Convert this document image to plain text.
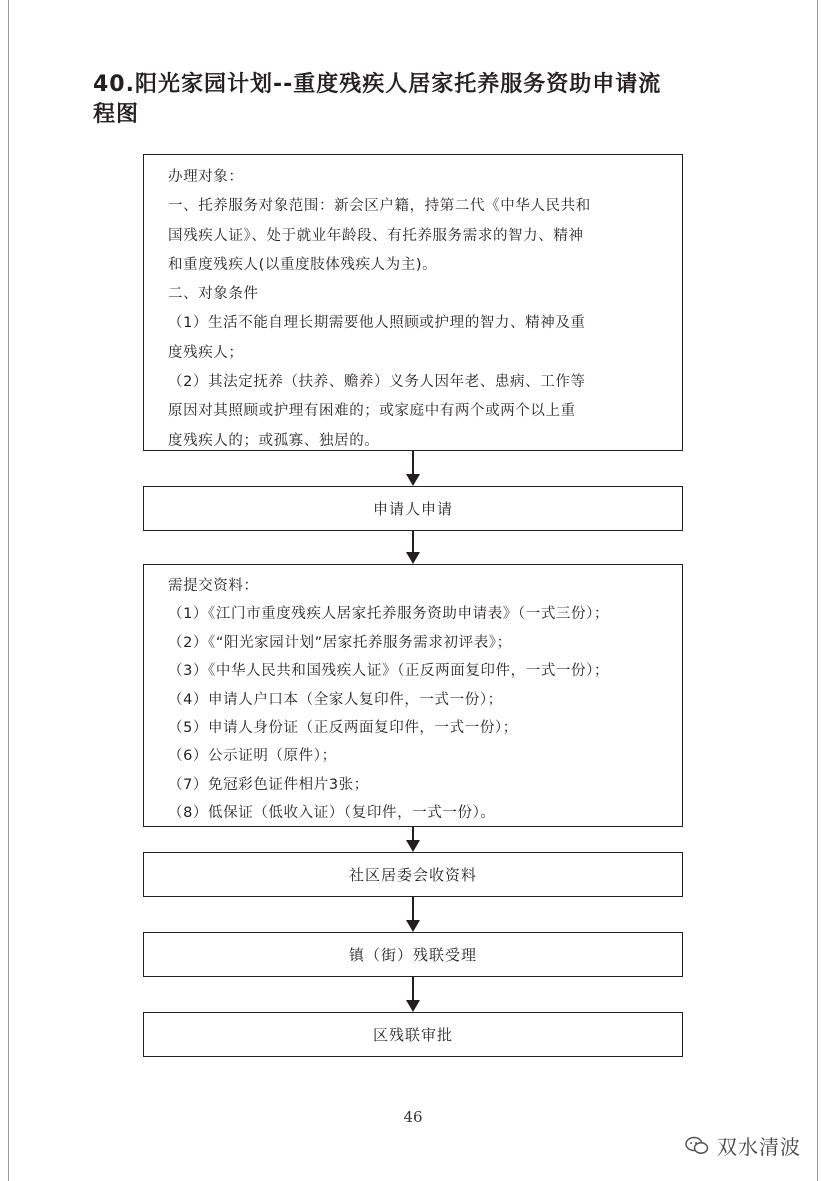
40.阳光家园计划--重度残疾人居家托养服务资助申请流
程图
办理对象：
一、托养服务对象范围：新会区户籍，持第二代《中华人民共和
国残疾人证》、处于就业年龄段、有托养服务需求的智力、精神
和重度残疾人(以重度肢体残疾人为主)。
二、对象条件
（1）生活不能自理长期需要他人照顾或护理的智力、精神及重
度残疾人；
（2）其法定抚养（扶养、赡养）义务人因年老、患病、工作等
原因对其照顾或护理有困难的；或家庭中有两个或两个以上重
度残疾人的；或孤寡、独居的。
申请人申请
需提交资料：
（1）《江门市重度残疾人居家托养服务资助申请表》（一式三份）；
（2）《“阳光家园计划”居家托养服务需求初评表》；
（3）《中华人民共和国残疾人证》（正反两面复印件，一式一份）；
（4）申请人户口本（全家人复印件，一式一份）；
（5）申请人身份证（正反两面复印件，一式一份）；
（6）公示证明（原件）；
（7）免冠彩色证件相片3张；
（8）低保证（低收入证）（复印件，一式一份）。
社区居委会收资料
镇（街）残联受理
区残联审批
46
双水清波
